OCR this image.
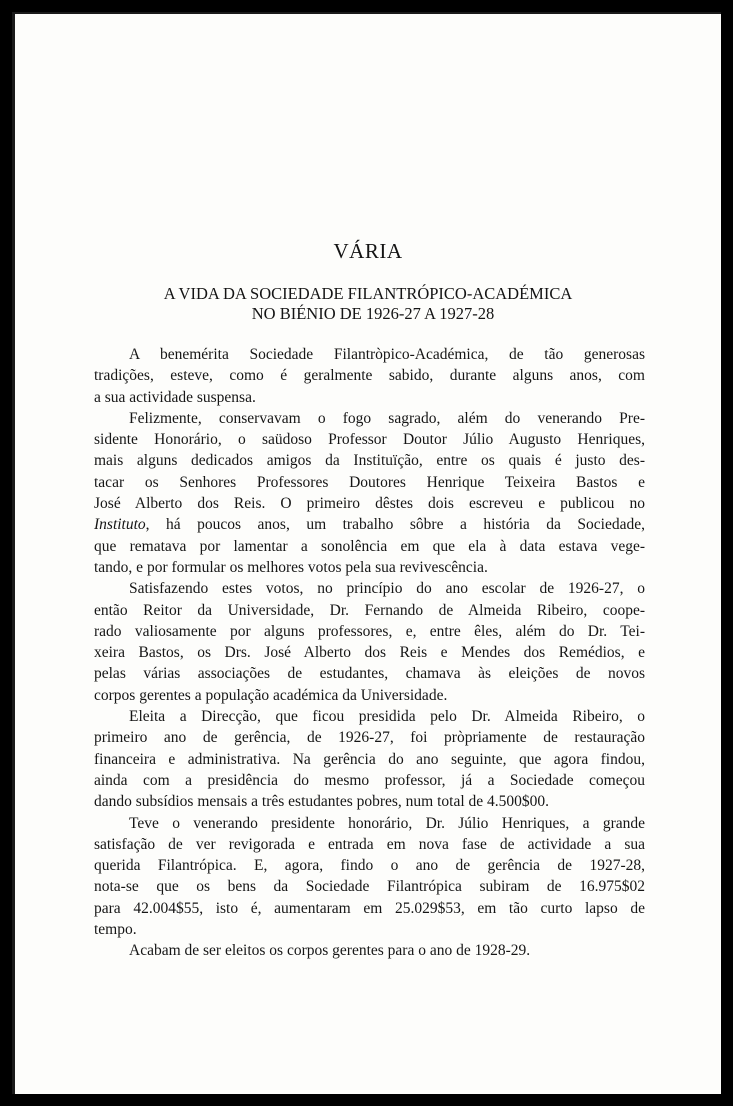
VÁRIA
A VIDA DA SOCIEDADE FILANTRÓPICO-ACADÉMICA
NO BIÉNIO DE 1926-27 A 1927-28
A benemérita Sociedade Filantròpico-Académica, de tão generosas
tradições, esteve, como é geralmente sabido, durante alguns anos, com
a sua actividade suspensa.
Felizmente, conservavam o fogo sagrado, além do venerando Pre-
sidente Honorário, o saüdoso Professor Doutor Júlio Augusto Henriques,
mais alguns dedicados amigos da Instituïção, entre os quais é justo des-
tacar os Senhores Professores Doutores Henrique Teixeira Bastos e
José Alberto dos Reis. O primeiro dêstes dois escreveu e publicou no
Instituto, há poucos anos, um trabalho sôbre a história da Sociedade,
que rematava por lamentar a sonolência em que ela à data estava vege-
tando, e por formular os melhores votos pela sua revivescência.
Satisfazendo estes votos, no princípio do ano escolar de 1926-27, o
então Reitor da Universidade, Dr. Fernando de Almeida Ribeiro, coope-
rado valiosamente por alguns professores, e, entre êles, além do Dr. Tei-
xeira Bastos, os Drs. José Alberto dos Reis e Mendes dos Remédios, e
pelas várias associações de estudantes, chamava às eleições de novos
corpos gerentes a população académica da Universidade.
Eleita a Direcção, que ficou presidida pelo Dr. Almeida Ribeiro, o
primeiro ano de gerência, de 1926-27, foi pròpriamente de restauração
financeira e administrativa. Na gerência do ano seguinte, que agora findou,
ainda com a presidência do mesmo professor, já a Sociedade começou
dando subsídios mensais a três estudantes pobres, num total de 4.500$00.
Teve o venerando presidente honorário, Dr. Júlio Henriques, a grande
satisfação de ver revigorada e entrada em nova fase de actividade a sua
querida Filantrópica. E, agora, findo o ano de gerência de 1927-28,
nota-se que os bens da Sociedade Filantrópica subiram de 16.975$02
para 42.004$55, isto é, aumentaram em 25.029$53, em tão curto lapso de
tempo.
Acabam de ser eleitos os corpos gerentes para o ano de 1928-29.
